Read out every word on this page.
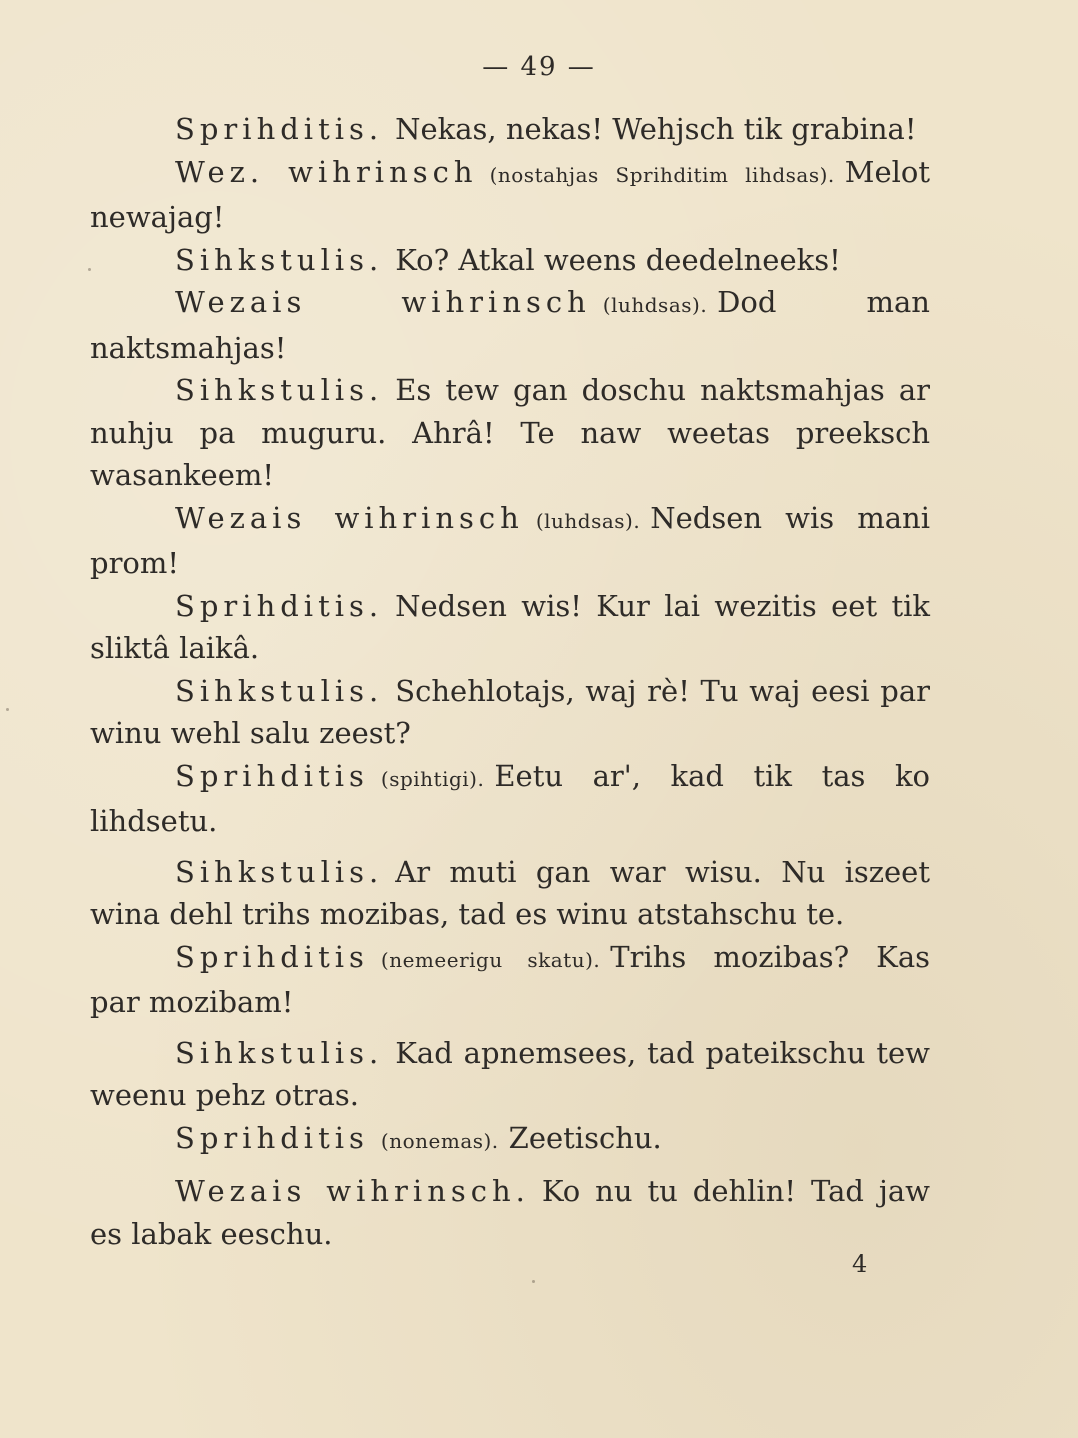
— 49 —
Sprihditis. Nekas, nekas! Wehjsch tik grabina!
Wez. wihrinsch (nostahjas Sprihditim lihdsas). Melot newajag!
Sihkstulis. Ko? Atkal weens deedelneeks!
Wezais wihrinsch (luhdsas). Dod man naktsmahjas!
Sihkstulis. Es tew gan doschu naktsmahjas ar nuhju pa muguru. Ahrâ! Te naw weetas preeksch wasankeem!
Wezais wihrinsch (luhdsas). Nedsen wis mani prom!
Sprihditis. Nedsen wis! Kur lai wezitis eet tik sliktâ laikâ.
Sihkstulis. Schehlotajs, waj rè! Tu waj eesi par winu wehl salu zeest?
Sprihditis (spihtigi). Eetu ar', kad tik tas ko lihdsetu.
Sihkstulis. Ar muti gan war wisu. Nu iszeet wina dehl trihs mozibas, tad es winu atstahschu te.
Sprihditis (nemeerigu skatu). Trihs mozibas? Kas par mozibam!
Sihkstulis. Kad apnemsees, tad pateikschu tew weenu pehz otras.
Sprihditis (nonemas). Zeetischu.
Wezais wihrinsch. Ko nu tu dehlin! Tad jaw es labak eeschu.
4
